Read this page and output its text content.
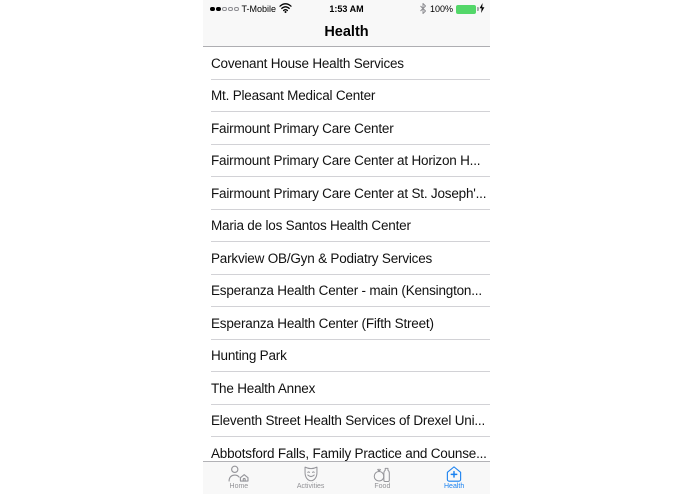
T-Mobile	1:53 AM	100%
Health
Covenant House Health Services
Mt. Pleasant Medical Center
Fairmount Primary Care Center
Fairmount Primary Care Center at Horizon H...
Fairmount Primary Care Center at St. Joseph'...
Maria de los Santos Health Center
Parkview OB/Gyn & Podiatry Services
Esperanza Health Center - main (Kensington...
Esperanza Health Center (Fifth Street)
Hunting Park
The Health Annex
Eleventh Street Health Services of Drexel Uni...
Abbotsford Falls, Family Practice and Counse...
Home	Activities	Food	Health
